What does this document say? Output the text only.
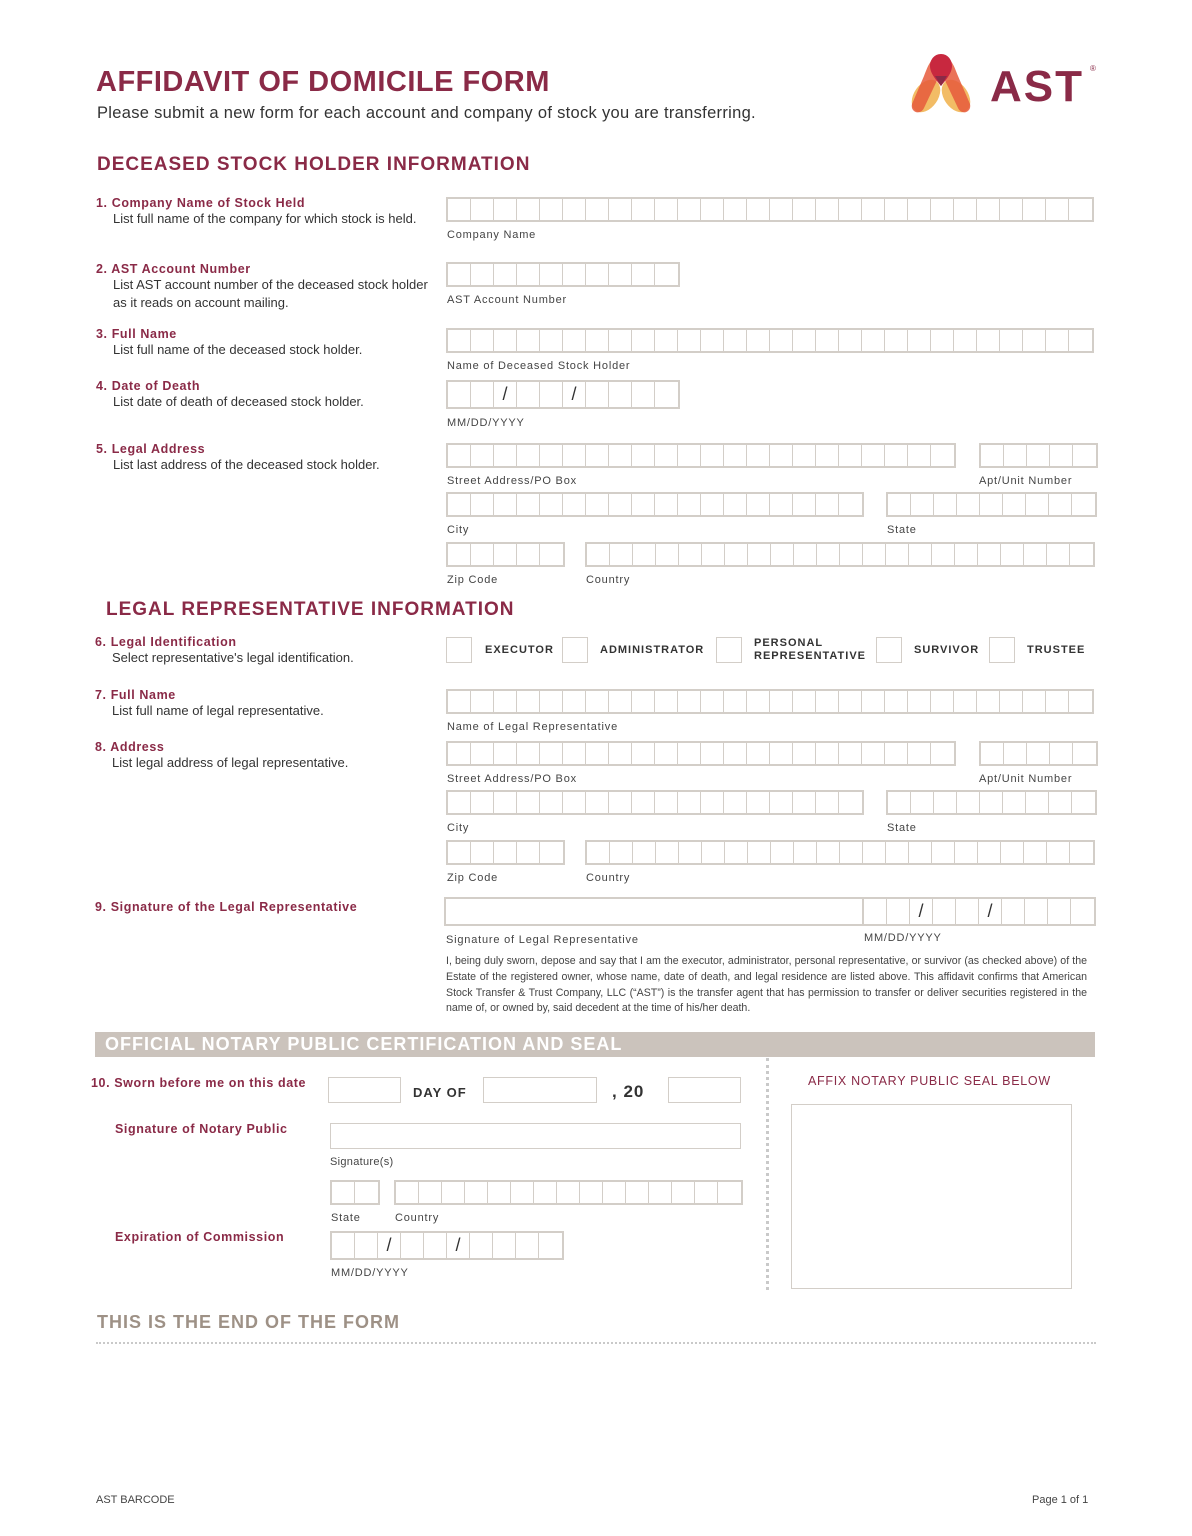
AFFIDAVIT OF DOMICILE FORM
Please submit a new form for each account and company of stock you are transferring.
AST ®
DECEASED STOCK HOLDER INFORMATION
1. Company Name of Stock Held
List full name of the company for which stock is held.
Company Name
2. AST Account Number
List AST account number of the deceased stock holder as it reads on account mailing.	AST Account Number
3. Full Name
List full name of the deceased stock holder.
Name of Deceased Stock Holder
4. Date of Death
List date of death of deceased stock holder.	/	/
MM/DD/YYYY
5. Legal Address
List last address of the deceased stock holder.
Street Address/PO Box	Apt/Unit Number
City	State
Zip Code	Country
LEGAL REPRESENTATIVE INFORMATION
6. Legal Identification
Select representative's legal identification.	EXECUTOR	ADMINISTRATOR
PERSONAL REPRESENTATIVE	SURVIVOR	TRUSTEE
7. Full Name
List full name of legal representative.
Name of Legal Representative
8. Address
List legal address of legal representative.
Street Address/PO Box	Apt/Unit Number
City	State
Zip Code	Country
9. Signature of the Legal Representative	/	/
Signature of Legal Representative	MM/DD/YYYY
I, being duly sworn, depose and say that I am the executor, administrator, personal representative, or survivor (as checked above) of the Estate of the registered owner, whose name, date of death, and legal residence are listed above. This affidavit confirms that American Stock Transfer & Trust Company, LLC (“AST”) is the transfer agent that has permission to transfer or deliver securities registered in the name of, or owned by, said decedent at the time of his/her death.
OFFICIAL NOTARY PUBLIC CERTIFICATION AND SEAL
10. Sworn before me on this date
DAY OF	, 20
Signature of Notary Public
Signature(s)
State	Country
Expiration of Commission	/	/
MM/DD/YYYY
AFFIX NOTARY PUBLIC SEAL BELOW
THIS IS THE END OF THE FORM
AST BARCODE	Page 1 of 1
